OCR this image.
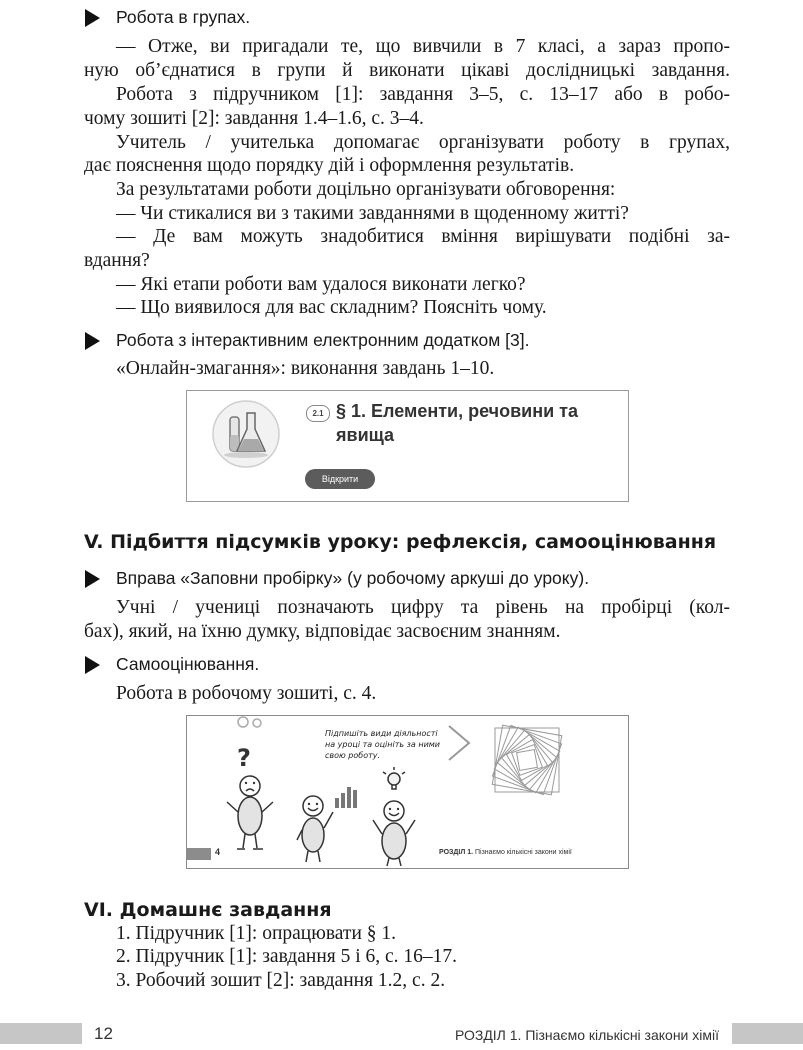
Робота в групах.
— Отже, ви пригадали те, що вивчили в 7 класі, а зараз пропо-
ную об’єднатися в групи й виконати цікаві дослідницькі завдання.
Робота з підручником [1]: завдання 3–5, с. 13–17 або в робо-
чому зошиті [2]: завдання 1.4–1.6, с. 3–4.
Учитель / учителька допомагає організувати роботу в групах,
дає пояснення щодо порядку дій і оформлення результатів.
За результатами роботи доцільно організувати обговорення:
— Чи стикалися ви з такими завданнями в щоденному житті?
— Де вам можуть знадобитися вміння вирішувати подібні за-
вдання?
— Які етапи роботи вам удалося виконати легко?
— Що виявилося для вас складним? Поясніть чому.
Робота з інтерактивним електронним додатком [3].
«Онлайн-змагання»: виконання завдань 1–10.
2.1 § 1. Елементи, речовини та
явища
Відкрити
V. Підбиття підсумків уроку: рефлексія, самооцінювання
Вправа «Заповни пробірку» (у робочому аркуші до уроку).
Учні / учениці позначають цифру та рівень на пробірці (кол-
бах), який, на їхню думку, відповідає засвоєним знанням.
Самооцінювання.
Робота в робочому зошиті, с. 4.
?
Підпишіть види діяльності
на уроці та оцініть за ними
свою роботу.
4	РОЗДІЛ 1. Пізнаємо кількісні закони хімії
VI. Домашнє завдання
1. Підручник [1]: опрацювати § 1.
2. Підручник [1]: завдання 5 і 6, с. 16–17.
3. Робочий зошит [2]: завдання 1.2, с. 2.
12	РОЗДІЛ 1. Пізнаємо кількісні закони хімії
